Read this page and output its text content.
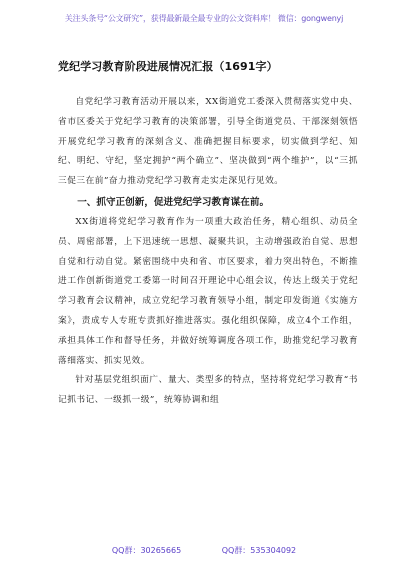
关注头条号“公文研究”，获得最新最全最专业的公文资料库！ 微信：gongwenyj
党纪学习教育阶段进展情况汇报（1691字）

自党纪学习教育活动开展以来，XX街道党工委深入贯彻落实党中央、省市区委关于党纪学习教育的决策部署，引导全街道党员、干部深刻领悟开展党纪学习教育的深刻含义、准确把握目标要求，切实做到学纪、知纪、明纪、守纪，坚定拥护“两个确立”、坚决做到“两个维护”，以“三抓三促三在前”奋力推动党纪学习教育走实走深见行见效。

一、抓守正创新，促进党纪学习教育谋在前。

XX街道将党纪学习教育作为一项重大政治任务，精心组织、动员全员、周密部署，上下迅速统一思想、凝聚共识，主动增强政治自觉、思想自觉和行动自觉。紧密围绕中央和省、市区要求，着力突出特色，不断推进工作创新街道党工委第一时间召开理论中心组会议，传达上级关于党纪学习教育会议精神，成立党纪学习教育领导小组，制定印发街道《实施方案》，责成专人专班专责抓好推进落实。强化组织保障，成立4个工作组，承担具体工作和督导任务，并做好统筹调度各项工作，助推党纪学习教育落细落实、抓实见效。

针对基层党组织面广、量大、类型多的特点，坚持将党纪学习教育“书记抓书记、一级抓一级”，统筹协调和组

QQ群：30265665	QQ群：535304092
